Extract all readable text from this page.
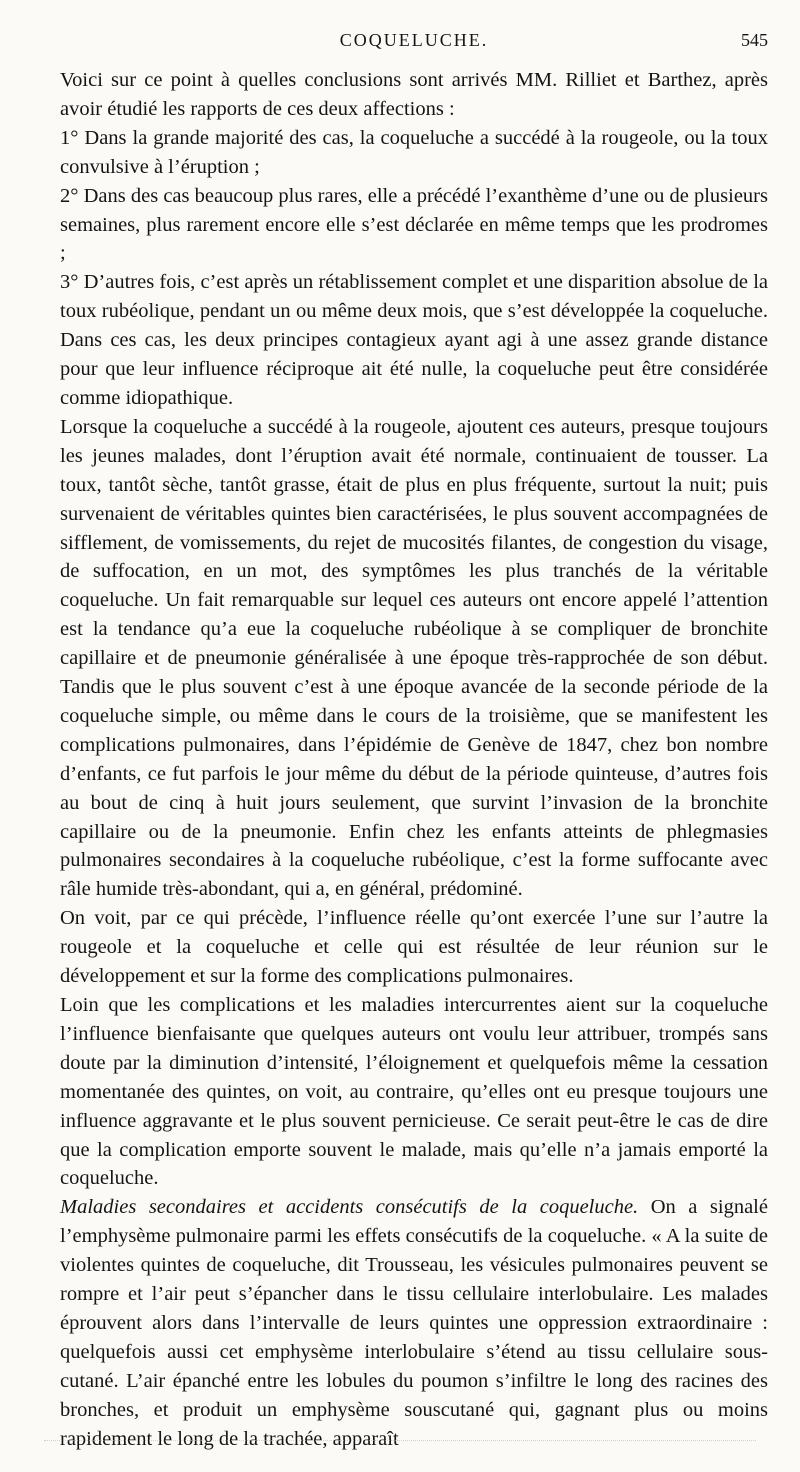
COQUELUCHE.	545

Voici sur ce point à quelles conclusions sont arrivés MM. Rilliet et Barthez, après avoir étudié les rapports de ces deux affections :

1° Dans la grande majorité des cas, la coqueluche a succédé à la rougeole, ou la toux convulsive à l’éruption ;

2° Dans des cas beaucoup plus rares, elle a précédé l’exanthème d’une ou de plusieurs semaines, plus rarement encore elle s’est déclarée en même temps que les prodromes ;

3° D’autres fois, c’est après un rétablissement complet et une disparition absolue de la toux rubéolique, pendant un ou même deux mois, que s’est développée la coqueluche. Dans ces cas, les deux principes contagieux ayant agi à une assez grande distance pour que leur influence réciproque ait été nulle, la coqueluche peut être considérée comme idiopathique.

Lorsque la coqueluche a succédé à la rougeole, ajoutent ces auteurs, presque toujours les jeunes malades, dont l’éruption avait été normale, continuaient de tousser. La toux, tantôt sèche, tantôt grasse, était de plus en plus fréquente, surtout la nuit; puis survenaient de véritables quintes bien caractérisées, le plus souvent accompagnées de sifflement, de vomissements, du rejet de mucosités filantes, de congestion du visage, de suffocation, en un mot, des symptômes les plus tranchés de la véritable coqueluche. Un fait remarquable sur lequel ces auteurs ont encore appelé l’attention est la tendance qu’a eue la coqueluche rubéolique à se compliquer de bronchite capillaire et de pneumonie généralisée à une époque très-rapprochée de son début. Tandis que le plus souvent c’est à une époque avancée de la seconde période de la coqueluche simple, ou même dans le cours de la troisième, que se manifestent les complications pulmonaires, dans l’épidémie de Genève de 1847, chez bon nombre d’enfants, ce fut parfois le jour même du début de la période quinteuse, d’autres fois au bout de cinq à huit jours seulement, que survint l’invasion de la bronchite capillaire ou de la pneumonie. Enfin chez les enfants atteints de phlegmasies pulmonaires secondaires à la coqueluche rubéolique, c’est la forme suffocante avec râle humide très-abondant, qui a, en général, prédominé.

On voit, par ce qui précède, l’influence réelle qu’ont exercée l’une sur l’autre la rougeole et la coqueluche et celle qui est résultée de leur réunion sur le développement et sur la forme des complications pulmonaires.

Loin que les complications et les maladies intercurrentes aient sur la coqueluche l’influence bienfaisante que quelques auteurs ont voulu leur attribuer, trompés sans doute par la diminution d’intensité, l’éloignement et quelquefois même la cessation momentanée des quintes, on voit, au contraire, qu’elles ont eu presque toujours une influence aggravante et le plus souvent pernicieuse. Ce serait peut-être le cas de dire que la complication emporte souvent le malade, mais qu’elle n’a jamais emporté la coqueluche.

Maladies secondaires et accidents consécutifs de la coqueluche. On a signalé l’emphysème pulmonaire parmi les effets consécutifs de la coqueluche. « A la suite de violentes quintes de coqueluche, dit Trousseau, les vésicules pulmonaires peuvent se rompre et l’air peut s’épancher dans le tissu cellulaire interlobulaire. Les malades éprouvent alors dans l’intervalle de leurs quintes une oppression extraordinaire : quelquefois aussi cet emphysème interlobulaire s’étend au tissu cellulaire sous-cutané. L’air épanché entre les lobules du poumon s’infiltre le long des racines des bronches, et produit un emphysème souscutané qui, gagnant plus ou moins rapidement le long de la trachée, apparaît
